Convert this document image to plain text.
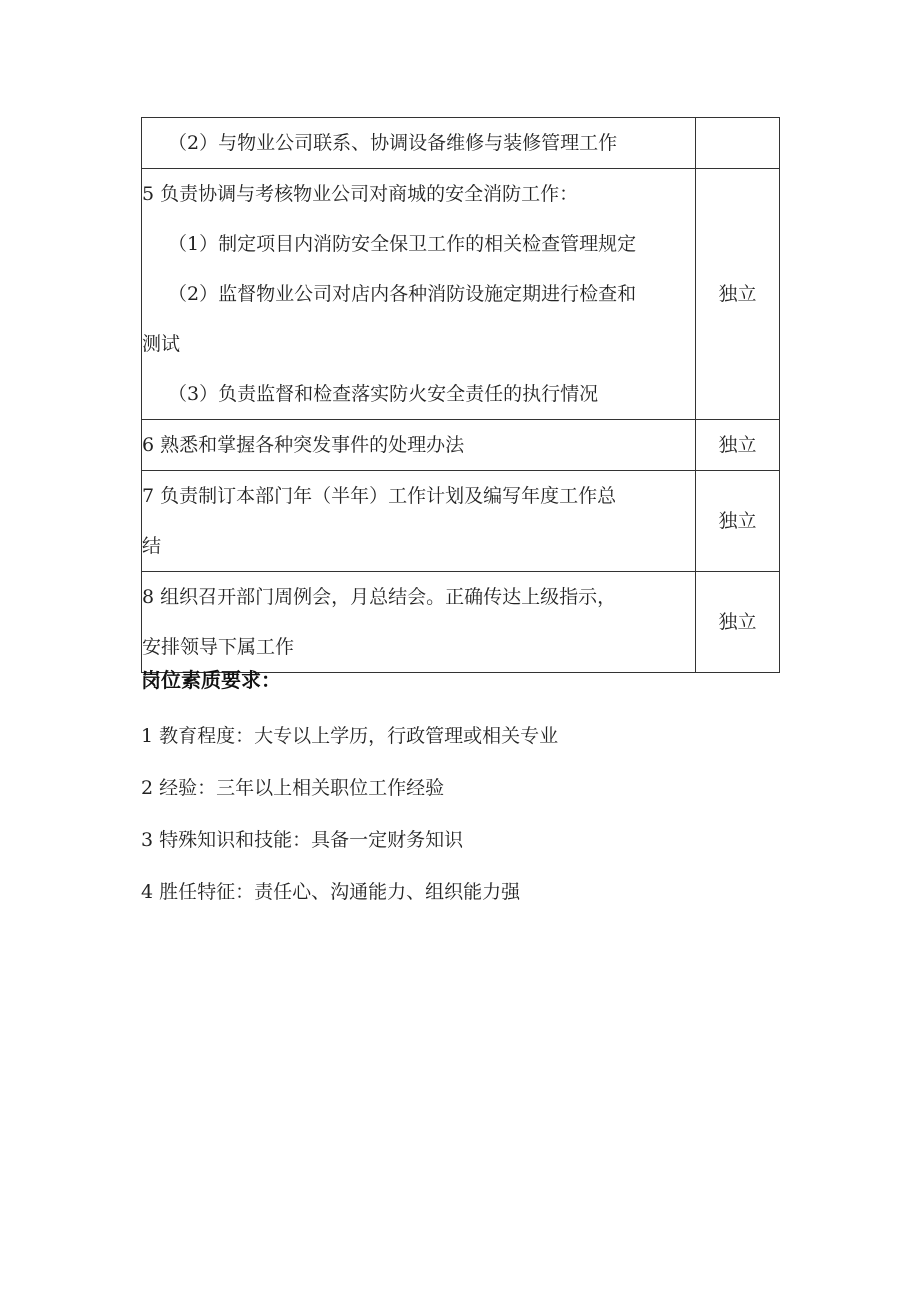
（2）与物业公司联系、协调设备维修与装修管理工作	

5 负责协调与考核物业公司对商城的安全消防工作：
（1）制定项目内消防安全保卫工作的相关检查管理规定
（2）监督物业公司对店内各种消防设施定期进行检查和
测试
（3）负责监督和检查落实防火安全责任的执行情况	独立

6 熟悉和掌握各种突发事件的处理办法	独立

7 负责制订本部门年（半年）工作计划及编写年度工作总
结	独立

8 组织召开部门周例会，月总结会。正确传达上级指示，
安排领导下属工作	独立
岗位素质要求：
1 教育程度：大专以上学历，行政管理或相关专业
2 经验：三年以上相关职位工作经验
3 特殊知识和技能：具备一定财务知识
4 胜任特征：责任心、沟通能力、组织能力强
